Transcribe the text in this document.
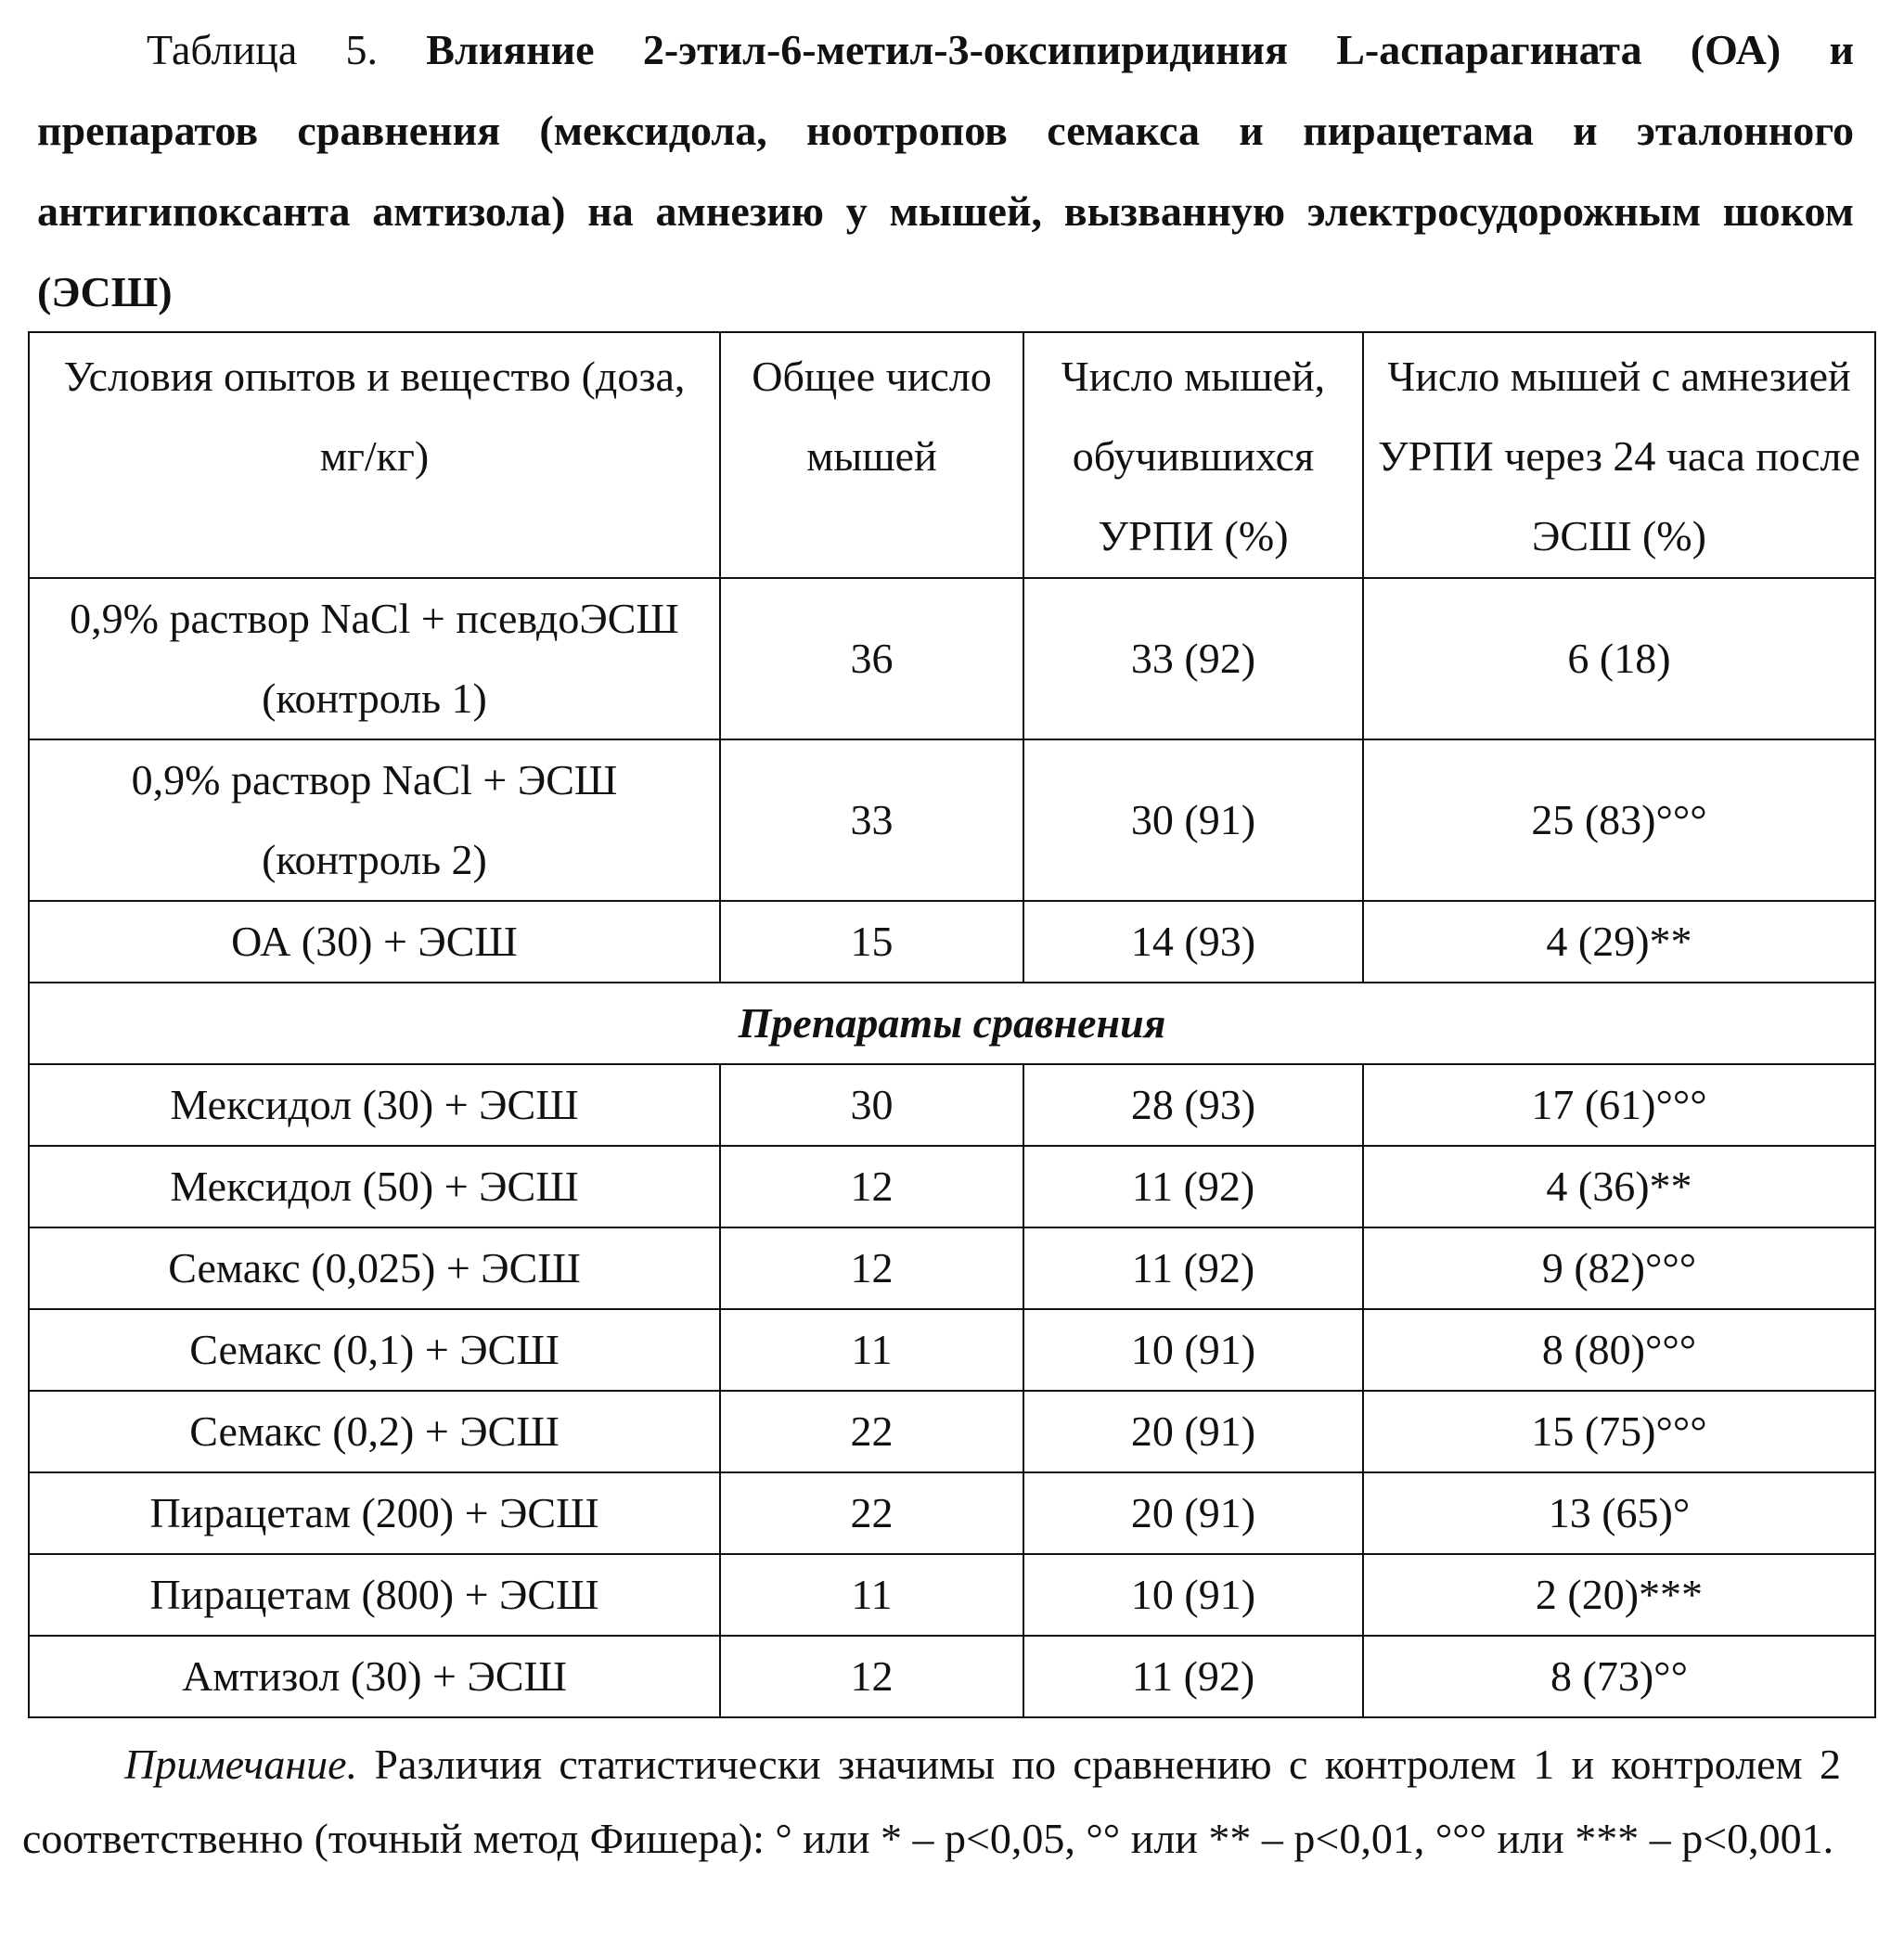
Таблица 5. Влияние 2-этил-6-метил-3-оксипиридиния L-аспарагината (ОА) и препаратов сравнения (мексидола, ноотропов семакса и пирацетама и эталонного антигипоксанта амтизола) на амнезию у мышей, вызванную электросудорожным шоком (ЭСШ)
Условия опытов и вещество (доза, мг/кг)	Общее число мышей	Число мышей, обучившихся УРПИ (%)	Число мышей с амнезией УРПИ через 24 часа после ЭСШ (%)
0,9% раствор NaCl + псевдоЭСШ (контроль 1)	36	33 (92)	6 (18)
0,9% раствор NaCl + ЭСШ (контроль 2)	33	30 (91)	25 (83)°°°
ОА (30) + ЭСШ	15	14 (93)	4 (29)**
Препараты сравнения
Мексидол (30) + ЭСШ	30	28 (93)	17 (61)°°°
Мексидол (50) + ЭСШ	12	11 (92)	4 (36)**
Семакс (0,025) + ЭСШ	12	11 (92)	9 (82)°°°
Семакс (0,1) + ЭСШ	11	10 (91)	8 (80)°°°
Семакс (0,2) + ЭСШ	22	20 (91)	15 (75)°°°
Пирацетам (200) + ЭСШ	22	20 (91)	13 (65)°
Пирацетам (800) + ЭСШ	11	10 (91)	2 (20)***
Амтизол (30) + ЭСШ	12	11 (92)	8 (73)°°
Примечание. Различия статистически значимы по сравнению с контролем 1 и контролем 2 соответственно (точный метод Фишера): ° или * – p<0,05, °° или ** – p<0,01, °°° или *** – p<0,001.
